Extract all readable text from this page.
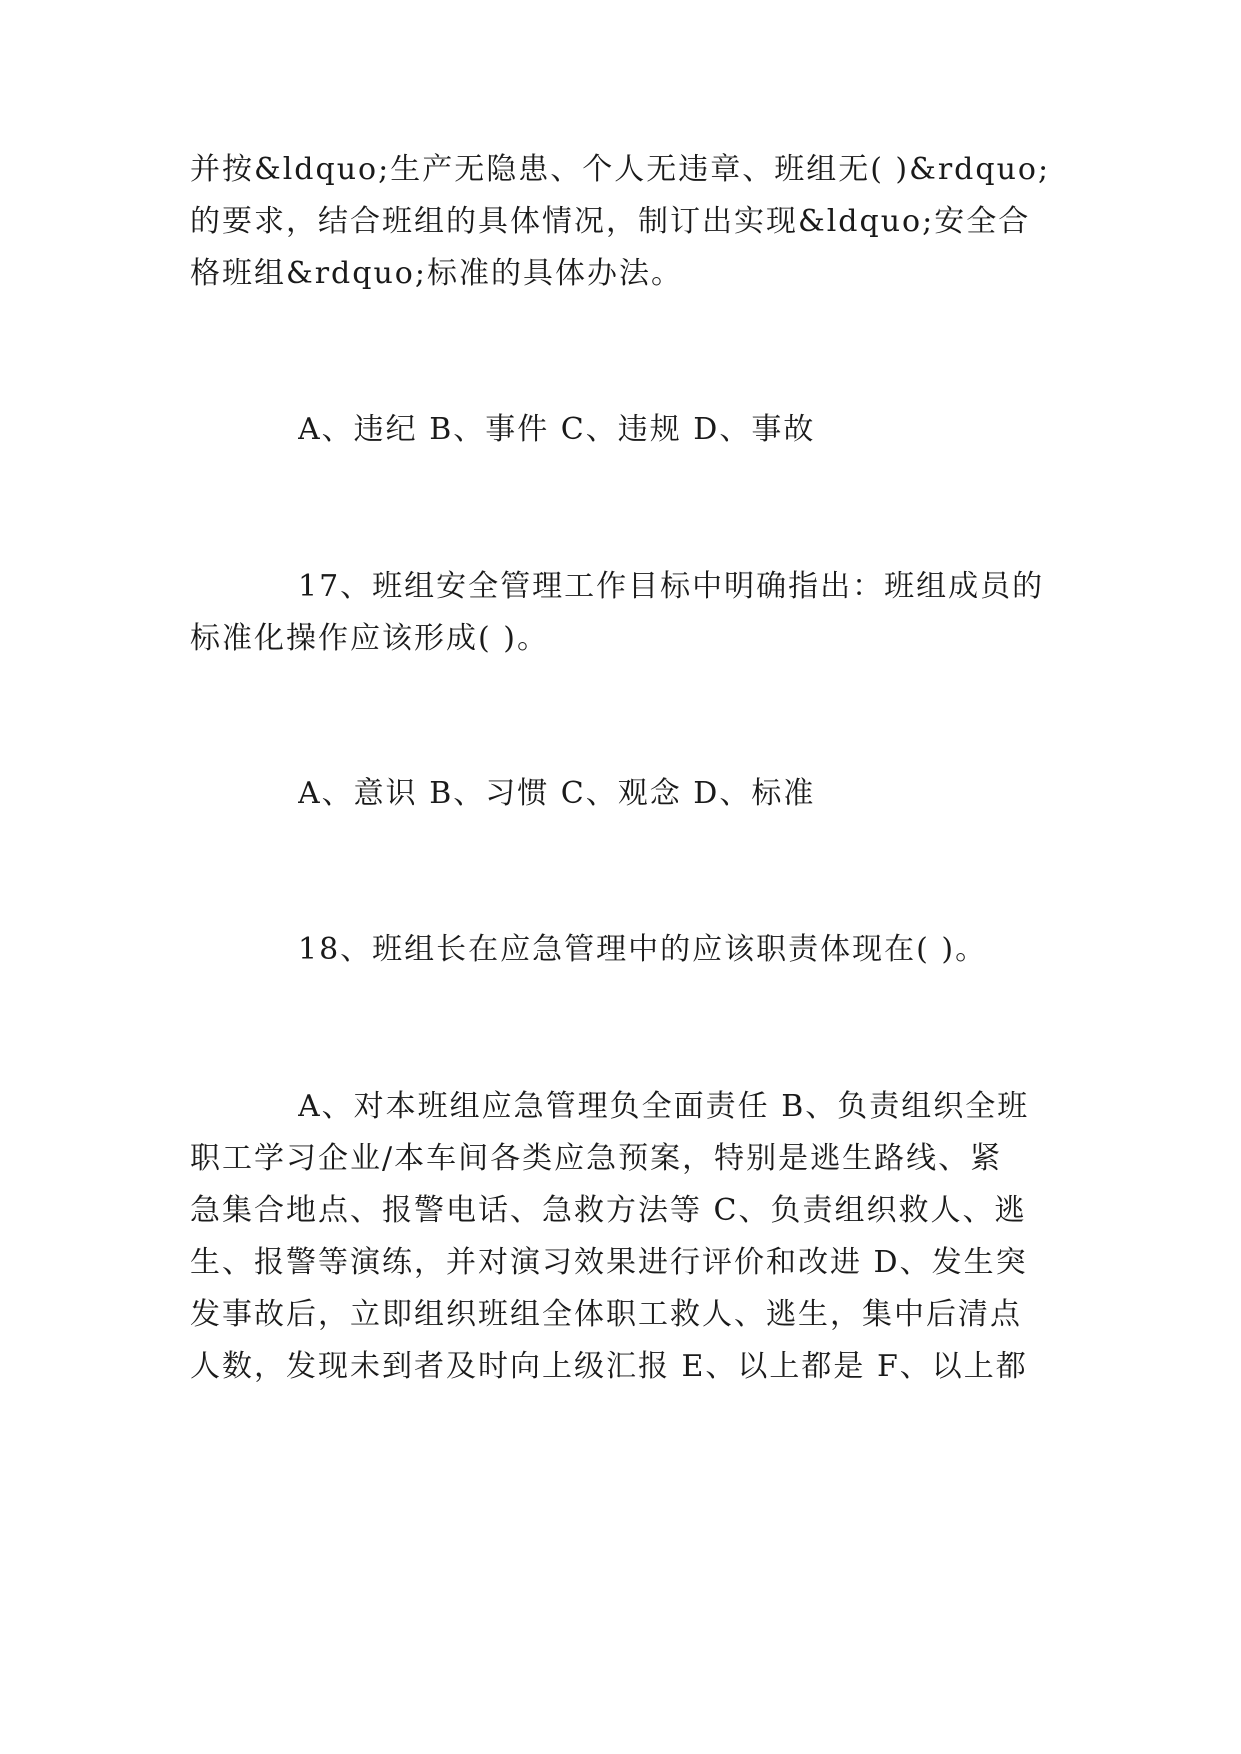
并按&ldquo;生产无隐患、个人无违章、班组无( )&rdquo;
的要求，结合班组的具体情况，制订出实现&ldquo;安全合
格班组&rdquo;标准的具体办法。
A、违纪 B、事件 C、违规 D、事故
17、班组安全管理工作目标中明确指出：班组成员的
标准化操作应该形成( )。
A、意识 B、习惯 C、观念 D、标准
18、班组长在应急管理中的应该职责体现在( )。
A、对本班组应急管理负全面责任 B、负责组织全班
职工学习企业/本车间各类应急预案，特别是逃生路线、紧
急集合地点、报警电话、急救方法等 C、负责组织救人、逃
生、报警等演练，并对演习效果进行评价和改进 D、发生突
发事故后，立即组织班组全体职工救人、逃生，集中后清点
人数，发现未到者及时向上级汇报 E、以上都是 F、以上都
